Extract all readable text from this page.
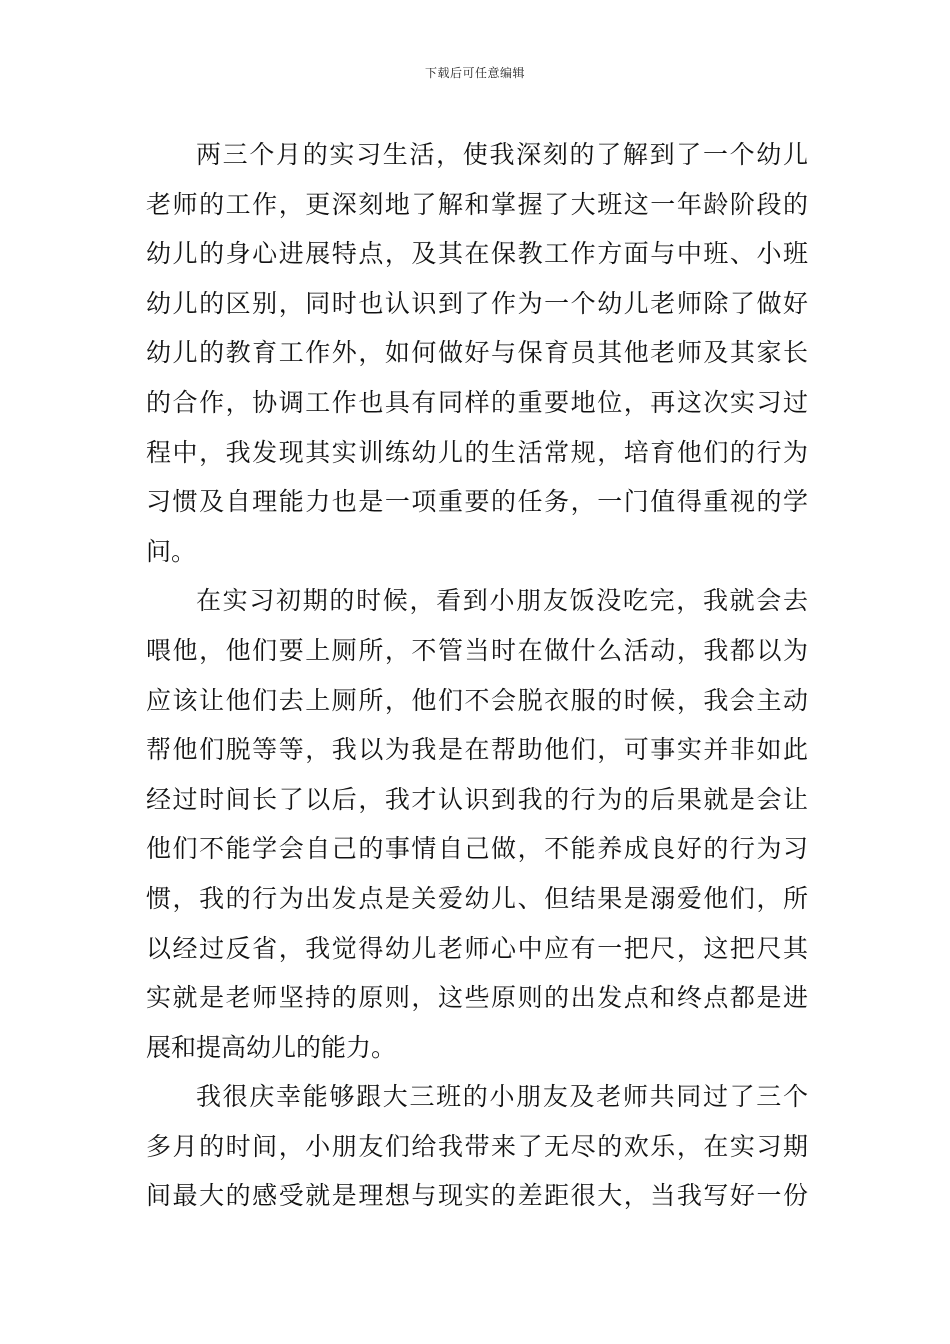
下载后可任意编辑
两三个月的实习生活，使我深刻的了解到了一个幼儿
老师的工作，更深刻地了解和掌握了大班这一年龄阶段的
幼儿的身心进展特点，及其在保教工作方面与中班、小班
幼儿的区别，同时也认识到了作为一个幼儿老师除了做好
幼儿的教育工作外，如何做好与保育员其他老师及其家长
的合作，协调工作也具有同样的重要地位，再这次实习过
程中，我发现其实训练幼儿的生活常规，培育他们的行为
习惯及自理能力也是一项重要的任务，一门值得重视的学
问。
在实习初期的时候，看到小朋友饭没吃完，我就会去
喂他，他们要上厕所，不管当时在做什么活动，我都以为
应该让他们去上厕所，他们不会脱衣服的时候，我会主动
帮他们脱等等，我以为我是在帮助他们，可事实并非如此
经过时间长了以后，我才认识到我的行为的后果就是会让
他们不能学会自己的事情自己做，不能养成良好的行为习
惯，我的行为出发点是关爱幼儿、但结果是溺爱他们，所
以经过反省，我觉得幼儿老师心中应有一把尺，这把尺其
实就是老师坚持的原则，这些原则的出发点和终点都是进
展和提高幼儿的能力。
我很庆幸能够跟大三班的小朋友及老师共同过了三个
多月的时间，小朋友们给我带来了无尽的欢乐，在实习期
间最大的感受就是理想与现实的差距很大，当我写好一份
